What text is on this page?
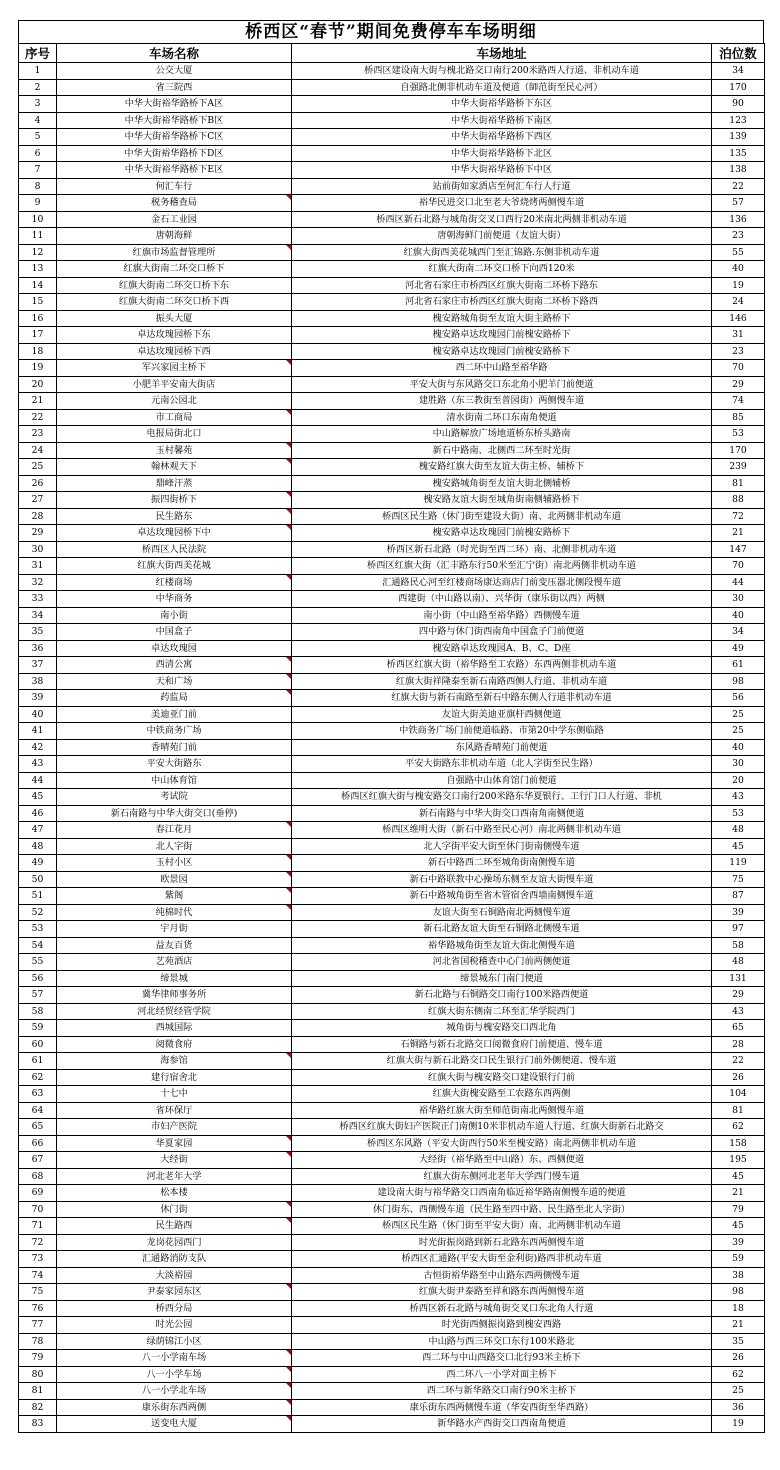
桥西区“春节”期间免费停车车场明细
序号	车场名称	车场地址	泊位数
1	公交大厦	桥西区建设南大街与槐北路交口南行200米路西人行道、非机动车道	34
2	省三院西	自强路北侧非机动车道及便道（師范街至民心河）	170
3	中华大街裕华路桥下A区	中华大街裕华路桥下东区	90
4	中华大街裕华路桥下B区	中华大街裕华路桥下南区	123
5	中华大街裕华路桥下C区	中华大街裕华路桥下西区	139
6	中华大街裕华路桥下D区	中华大街裕华路桥下北区	135
7	中华大街裕华路桥下E区	中华大街裕华路桥下中区	138
8	何汇车行	站前街如家酒店至何汇车行人行道	22
9	税务稽查局	裕华民进交口北至老大爷烧烤两侧慢车道	57
10	金石工业园	桥西区新石北路与城角街交叉口西行20米南北两侧非机动车道	136
11	唐朝海鲜	唐朝海鲜门前便道（友谊大街）	23
12	红旗市场监督管理所	红旗大街西美花城西门至汇锦路.东侧非机动车道	55
13	红旗大街南二环交口桥下	红旗大街南二环交口桥下向西120米	40
14	红旗大街南二环交口桥下东	河北省石家庄市桥西区红旗大街南二环桥下路东	19
15	红旗大街南二环交口桥下西	河北省石家庄市桥西区红旗大街南二环桥下路西	24
16	振头大厦	槐安路城角街至友谊大街主路桥下	146
17	卓达玫瑰园桥下东	槐安路卓达玫瑰园门前槐安路桥下	31
18	卓达玫瑰园桥下西	槐安路卓达玫瑰园门前槐安路桥下	23
19	军兴家园主桥下	西二环中山路至裕华路	70
20	小肥羊平安南大街店	平安大街与东风路交口东北角小肥羊门前便道	29
21	元南公园北	建胜路（东三教街至普园街）两侧慢车道	74
22	市工商局	清水街南二环口东南角便道	85
23	电报局街北口	中山路解放广场地道桥东桥头路南	53
24	玉村馨苑	新石中路南、北侧西二环至时光街	170
25	翰林观天下	槐安路红旗大街至友谊大街主桥、辅桥下	239
26	鼎峰汗蒸	槐安路城角街至友谊大街北侧辅桥	81
27	振四街桥下	槐安路友谊大街至城角街南侧辅路桥下	88
28	民生路东	桥西区民生路（休门街至建设大街）南、北两侧非机动车道	72
29	卓达玫瑰园桥下中	槐安路卓达玫瑰园门前槐安路桥下	21
30	桥西区人民法院	桥西区新石北路（时光街至西二环）南、北侧非机动车道	147
31	红旗大街西美花城	桥西区红旗大街（汇丰路东行50米至汇宁街）南北两侧非机动车道	70
32	红楼商场	汇通路民心河至红楼商场康达商店门前变压器北侧段慢车道	44
33	中华商务	西建街（中山路以南）、兴华街（康乐街以西）两侧	30
34	南小街	南小街（中山路至裕华路）西侧慢车道	40
35	中国盒子	四中路与休门街西南角中国盒子门前便道	34
36	卓达玫瑰园	槐安路卓达玫瑰园A、B、C、D座	49
37	西清公寓	桥西区红旗大街（裕华路至工农路）东西两侧非机动车道	61
38	天和广场	红旗大街祥隆泰至新石南路西侧人行道、非机动车道	98
39	药监局	红旗大街与新石南路至新石中路东侧人行道非机动车道	56
40	美迪亚门前	友谊大街美迪亚旗杆西侧便道	25
41	中铁商务广场	中铁商务广场门前便道临路、市第20中学东侧临路	25
42	香晴苑门前	东风路香晴苑门前便道	40
43	平安大街路东	平安大街路东非机动车道（北人字街至民生路）	30
44	中山体育馆	自强路中山体育馆门前便道	20
45	考试院	桥西区红旗大街与槐安路交口南行200米路东华夏银行、工行门口人行道、非机	43
46	新石南路与中华大街交口(垂停)	新石南路与中华大街交口西南角南侧便道	53
47	春江花月	桥西区维明大街（新石中路至民心河）南北两侧非机动车道	48
48	北人字街	北人字街平安大街至休门街南侧慢车道	45
49	玉村小区	新石中路西二环至城角街南侧慢车道	119
50	欧景园	新石中路联教中心操场东侧至友谊大街慢车道	75
51	紫阁	新石中路城角街至省木管宿舍西墙南侧慢车道	87
52	纯棉时代	友谊大街至石铜路南北两侧慢车道	39
53	宇月街	新石北路友谊大街至石铜路北侧慢车道	97
54	益友百货	裕华路城角街至友谊大街北侧慢车道	58
55	艺苑酒店	河北省国税稽查中心门前两侧便道	48
56	缔景城	缔景城东门南门便道	131
57	冀华律师事务所	新石北路与石铜路交口南行100米路西便道	29
58	河北经贸经管学院	红旗大街东侧南二环至汇华学院西门	43
59	西城国际	城角街与槐安路交口西北角	65
60	阅微食府	石铜路与新石北路交口阅微食府门前便道、慢车道	28
61	海参馆	红旗大街与新石北路交口民生银行门前外侧便道、慢车道	22
62	建行宿舍北	红旗大街与槐安路交口建设银行门前	26
63	十七中	红旗大街槐安路至工农路东西两侧	104
64	省环保厅	裕华路红旗大街至师范街南北两侧慢车道	81
65	市妇产医院	桥西区红旗大街妇产医院正门南侧10米非机动车道人行道、红旗大街新石北路交	62
66	华夏家园	桥西区东风路（平安大街西行50米至槐安路）南北两侧非机动车道	158
67	大经街	大经街（裕华路至中山路）东、西侧便道	195
68	河北老年大学	红旗大街东侧河北老年大学西门慢车道	45
69	松本楼	建设南大街与裕华路交口西南角临近裕华路南侧慢车道的便道	21
70	休门街	休门街东、西侧慢车道（民生路至四中路、民生路至北人字街）	79
71	民生路西	桥西区民生路（休门街至平安大街）南、北两侧非机动车道	45
72	龙岗花园西门	时光街振岗路到新石北路东西两侧慢车道	39
73	汇通路消防支队	桥西区汇通路(平安大街至金利街)路西非机动车道	59
74	大淡裕园	古恒街裕华路至中山路东西两侧慢车道	38
75	尹泰家园东区	红旗大街尹泰路至祥和路东西两侧慢车道	98
76	桥西分局	桥西区新石北路与城角街交叉口东北角人行道	18
77	时光公园	时光街西侧振岗路到槐安西路	21
78	绿荫锦江小区	中山路与西三环交口东行100米路北	35
79	八一小学南车场	西二环与中山西路交口北行93米主桥下	26
80	八一小学车场	西二环八一小学对面主桥下	62
81	八一小学北车场	西二环与新华路交口南行90米主桥下	25
82	康乐街东西两侧	康乐街东西两侧慢车道（华安西街至华西路）	36
83	送变电大厦	新华路水产西街交口西南角便道	19
